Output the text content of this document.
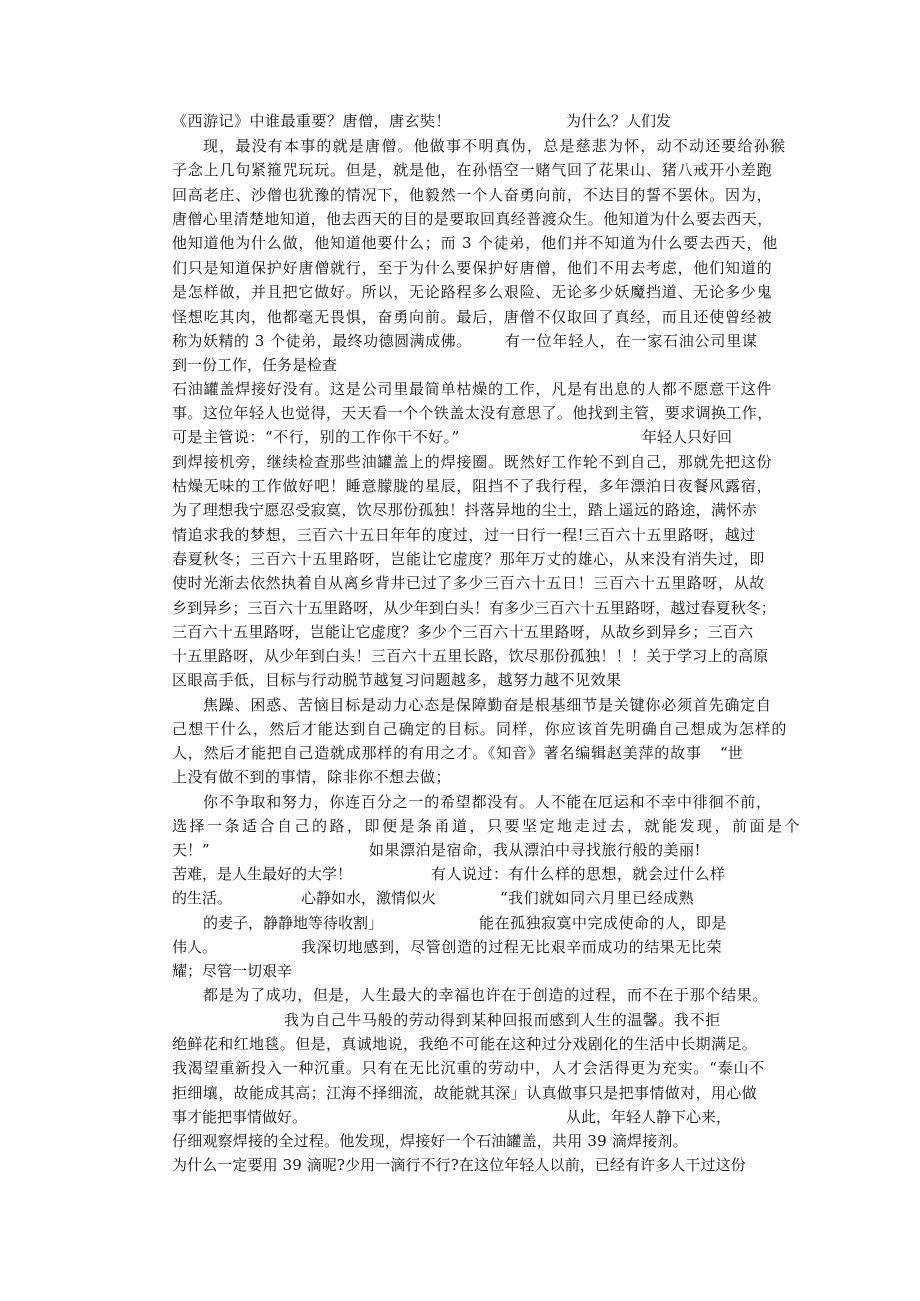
《西游记》中谁最重要？唐僧，唐玄奘！	为什么？人们发
现，最没有本事的就是唐僧。他做事不明真伪，总是慈悲为怀，动不动还要给孙猴
子念上几句紧箍咒玩玩。但是，就是他，在孙悟空一赌气回了花果山、猪八戒开小差跑
回高老庄、沙僧也犹豫的情况下，他毅然一个人奋勇向前，不达目的誓不罢休。因为，
唐僧心里清楚地知道，他去西天的目的是要取回真经普渡众生。他知道为什么要去西天，
他知道他为什么做，他知道他要什么；而 3 个徒弟，他们并不知道为什么要去西天，他
们只是知道保护好唐僧就行，至于为什么要保护好唐僧，他们不用去考虑，他们知道的
是怎样做，并且把它做好。所以，无论路程多么艰险、无论多少妖魔挡道、无论多少鬼
怪想吃其肉，他都毫无畏惧，奋勇向前。最后，唐僧不仅取回了真经，而且还使曾经被
称为妖精的 3 个徒弟，最终功德圆满成佛。 有一位年轻人，在一家石油公司里谋
到一份工作，任务是检查
石油罐盖焊接好没有。这是公司里最简单枯燥的工作，凡是有出息的人都不愿意干这件
事。这位年轻人也觉得，天天看一个个铁盖太没有意思了。他找到主管，要求调换工作，
可是主管说：“不行，别的工作你干不好。”	年轻人只好回
到焊接机旁，继续检查那些油罐盖上的焊接圈。既然好工作轮不到自己，那就先把这份
枯燥无味的工作做好吧！睡意朦胧的星辰，阻挡不了我行程，多年漂泊日夜餐风露宿，
为了理想我宁愿忍受寂寞，饮尽那份孤独！抖落异地的尘土，踏上遥远的路途，满怀赤
情追求我的梦想，三百六十五日年年的度过，过一日行一程!三百六十五里路呀，越过
春夏秋冬；三百六十五里路呀，岂能让它虚度？那年万丈的雄心，从来没有消失过，即
使时光渐去依然执着自从离乡背井已过了多少三百六十五日！三百六十五里路呀，从故
乡到异乡；三百六十五里路呀，从少年到白头！有多少三百六十五里路呀，越过春夏秋冬；
三百六十五里路呀，岂能让它虚度？多少个三百六十五里路呀，从故乡到异乡；三百六
十五里路呀，从少年到白头！三百六十五里长路，饮尽那份孤独！！！关于学习上的高原
区眼高手低，目标与行动脱节越复习问题越多，越努力越不见效果
焦躁、困惑、苦恼目标是动力心态是保障勤奋是根基细节是关键你必须首先确定自
己想干什么，然后才能达到自己确定的目标。同样，你应该首先明确自己想成为怎样的
人，然后才能把自己造就成那样的有用之才。《知音》著名编辑赵美萍的故事 “世
上没有做不到的事情，除非你不想去做；
你不争取和努力，你连百分之一的希望都没有。人不能在厄运和不幸中徘徊不前，
选择一条适合自己的路，即便是条甬道，只要坚定地走过去，就能发现，前面是个
天！”	如果漂泊是宿命，我从漂泊中寻找旅行般的美丽!
苦难，是人生最好的大学！	有人说过：有什么样的思想，就会过什么样
的生活。	心静如水，激情似火	“我们就如同六月里已经成熟
的麦子，静静地等待收割」	能在孤独寂寞中完成使命的人，即是
伟人。	我深切地感到，尽管创造的过程无比艰辛而成功的结果无比荣
耀；尽管一切艰辛
都是为了成功，但是，人生最大的幸福也许在于创造的过程，而不在于那个结果。
我为自己牛马般的劳动得到某种回报而感到人生的温馨。我不拒
绝鲜花和红地毯。但是，真诚地说，我绝不可能在这种过分戏剧化的生活中长期满足。
我渴望重新投入一种沉重。只有在无比沉重的劳动中，人才会活得更为充实。“泰山不
拒细壤，故能成其高；江海不择细流，故能就其深」认真做事只是把事情做对，用心做
事才能把事情做好。	从此，年轻人静下心来，
仔细观察焊接的全过程。他发现，焊接好一个石油罐盖，共用 39 滴焊接剂。
为什么一定要用 39 滴呢?少用一滴行不行?在这位年轻人以前，已经有许多人干过这份
